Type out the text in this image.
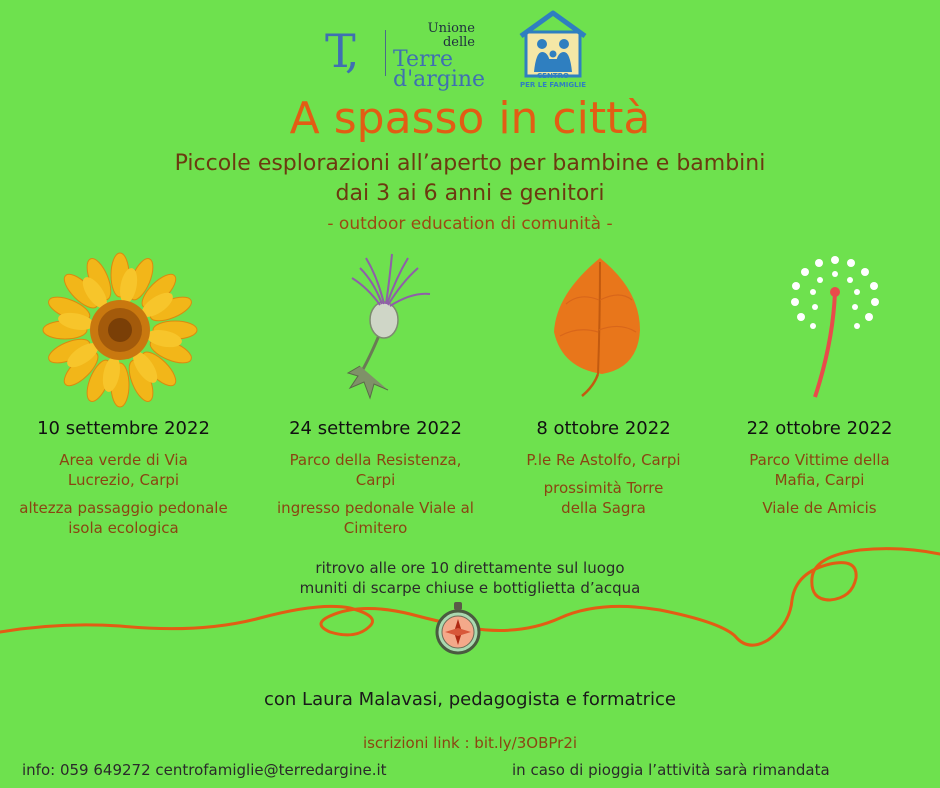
T,	Unione
delle
Terre
d'argine	CENTRO
PER LE FAMIGLIE
A spasso in città
Piccole esplorazioni all’aperto per bambine e bambini
dai 3 ai 6 anni e genitori
- outdoor education di comunità -
10 settembre 2022
Area verde di Via Lucrezio, Carpi
altezza passaggio pedonale isola ecologica
24 settembre 2022
Parco della Resistenza, Carpi
ingresso pedonale Viale al Cimitero
8 ottobre 2022
P.le Re Astolfo, Carpi
prossimità Torre della Sagra
22 ottobre 2022
Parco Vittime della Mafia, Carpi
Viale de Amicis
ritrovo alle ore 10 direttamente sul luogo
muniti di scarpe chiuse e bottiglietta d’acqua
con Laura Malavasi, pedagogista e formatrice
iscrizioni link : bit.ly/3OBPr2i
info: 059 649272 centrofamiglie@terredargine.it	in caso di pioggia l’attività sarà rimandata
